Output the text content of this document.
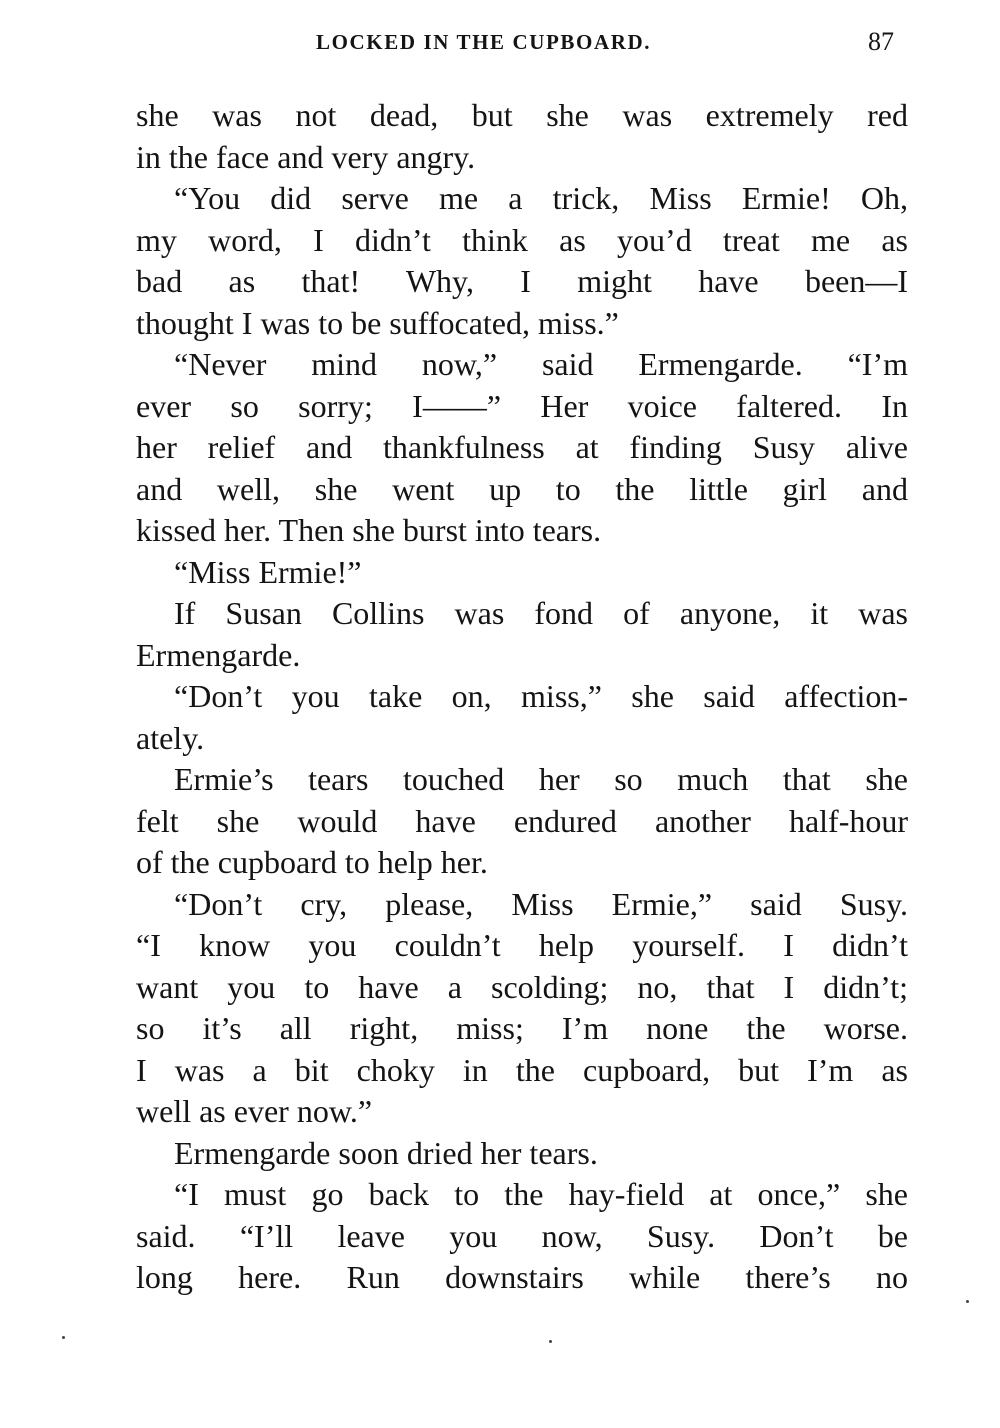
LOCKED IN THE CUPBOARD.	87
she was not dead, but she was extremely red
in the face and very angry.
“You did serve me a trick, Miss Ermie! Oh,
my word, I didn’t think as you’d treat me as
bad as that! Why, I might have been—I
thought I was to be suffocated, miss.”
“Never mind now,” said Ermengarde. “I’m
ever so sorry; I——” Her voice faltered. In
her relief and thankfulness at finding Susy alive
and well, she went up to the little girl and
kissed her. Then she burst into tears.
“Miss Ermie!”
If Susan Collins was fond of anyone, it was
Ermengarde.
“Don’t you take on, miss,” she said affection-
ately.
Ermie’s tears touched her so much that she
felt she would have endured another half-hour
of the cupboard to help her.
“Don’t cry, please, Miss Ermie,” said Susy.
“I know you couldn’t help yourself. I didn’t
want you to have a scolding; no, that I didn’t;
so it’s all right, miss; I’m none the worse.
I was a bit choky in the cupboard, but I’m as
well as ever now.”
Ermengarde soon dried her tears.
“I must go back to the hay-field at once,” she
said. “I’ll leave you now, Susy. Don’t be
long here. Run downstairs while there’s no
